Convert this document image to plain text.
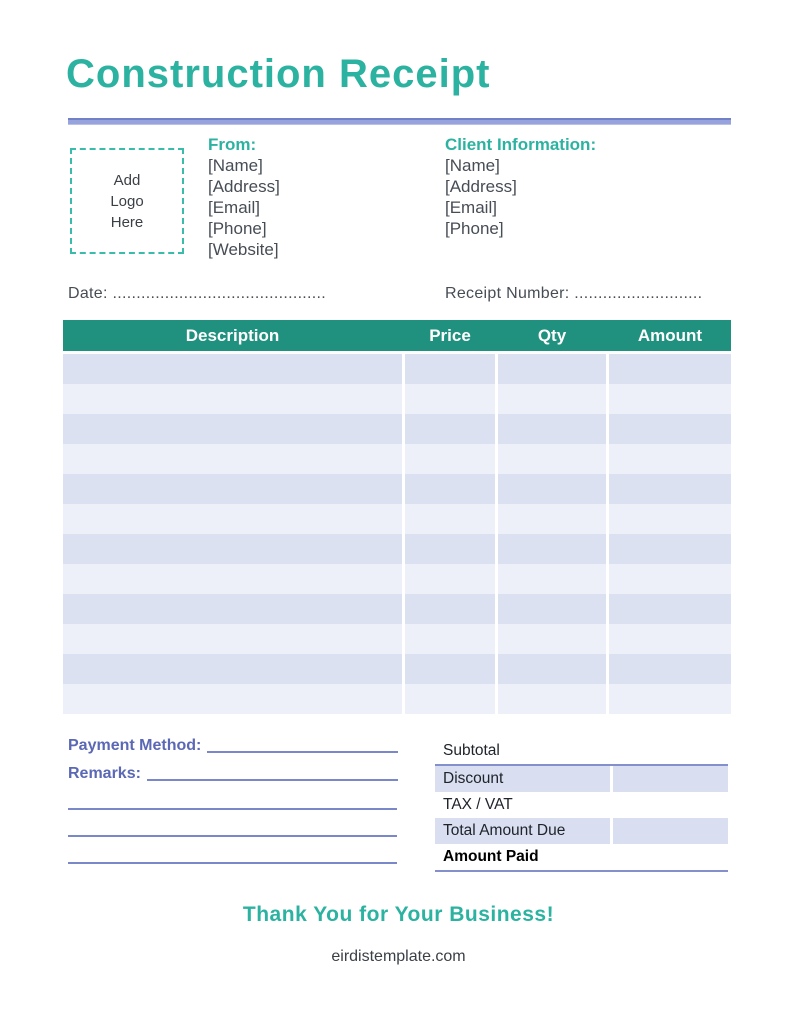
Construction Receipt
Add Logo Here
From:
[Name]
[Address]
[Email]
[Phone]
[Website]
Client Information:
[Name]
[Address]
[Email]
[Phone]
Date: .............................................	Receipt Number: ...........................
Description	Price	Qty	Amount
Payment Method:
Remarks:
Subtotal
Discount
TAX / VAT
Total Amount Due
Amount Paid
Thank You for Your Business!
eirdistemplate.com
